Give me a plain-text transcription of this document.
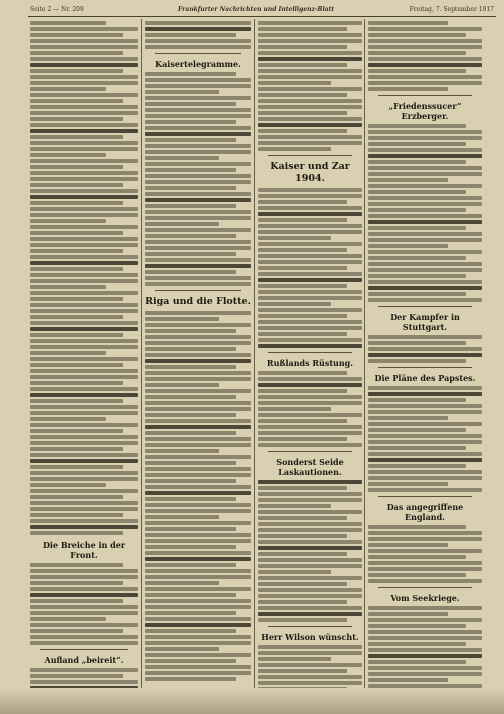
Seite 2 — Nr. 209	Frankfurter Nachrichten und Intelligenz-Blatt	Freitag, 7. September 1917
Die Breiche in der Front.
Aufland „beireit“.
Kaisertelegramme.
Riga und die Flotte.
Kaiser und Zar 1904.
Rußlands Rüstung.
Sonderst Seide Laskautionen.
Herr Wilson wünscht.
„Friedenssucer“ Erzberger.
Der Kampfer in Stuttgart.
Die Pläne des Papstes.
Das angegriffene England.
Vom Seekriege.
